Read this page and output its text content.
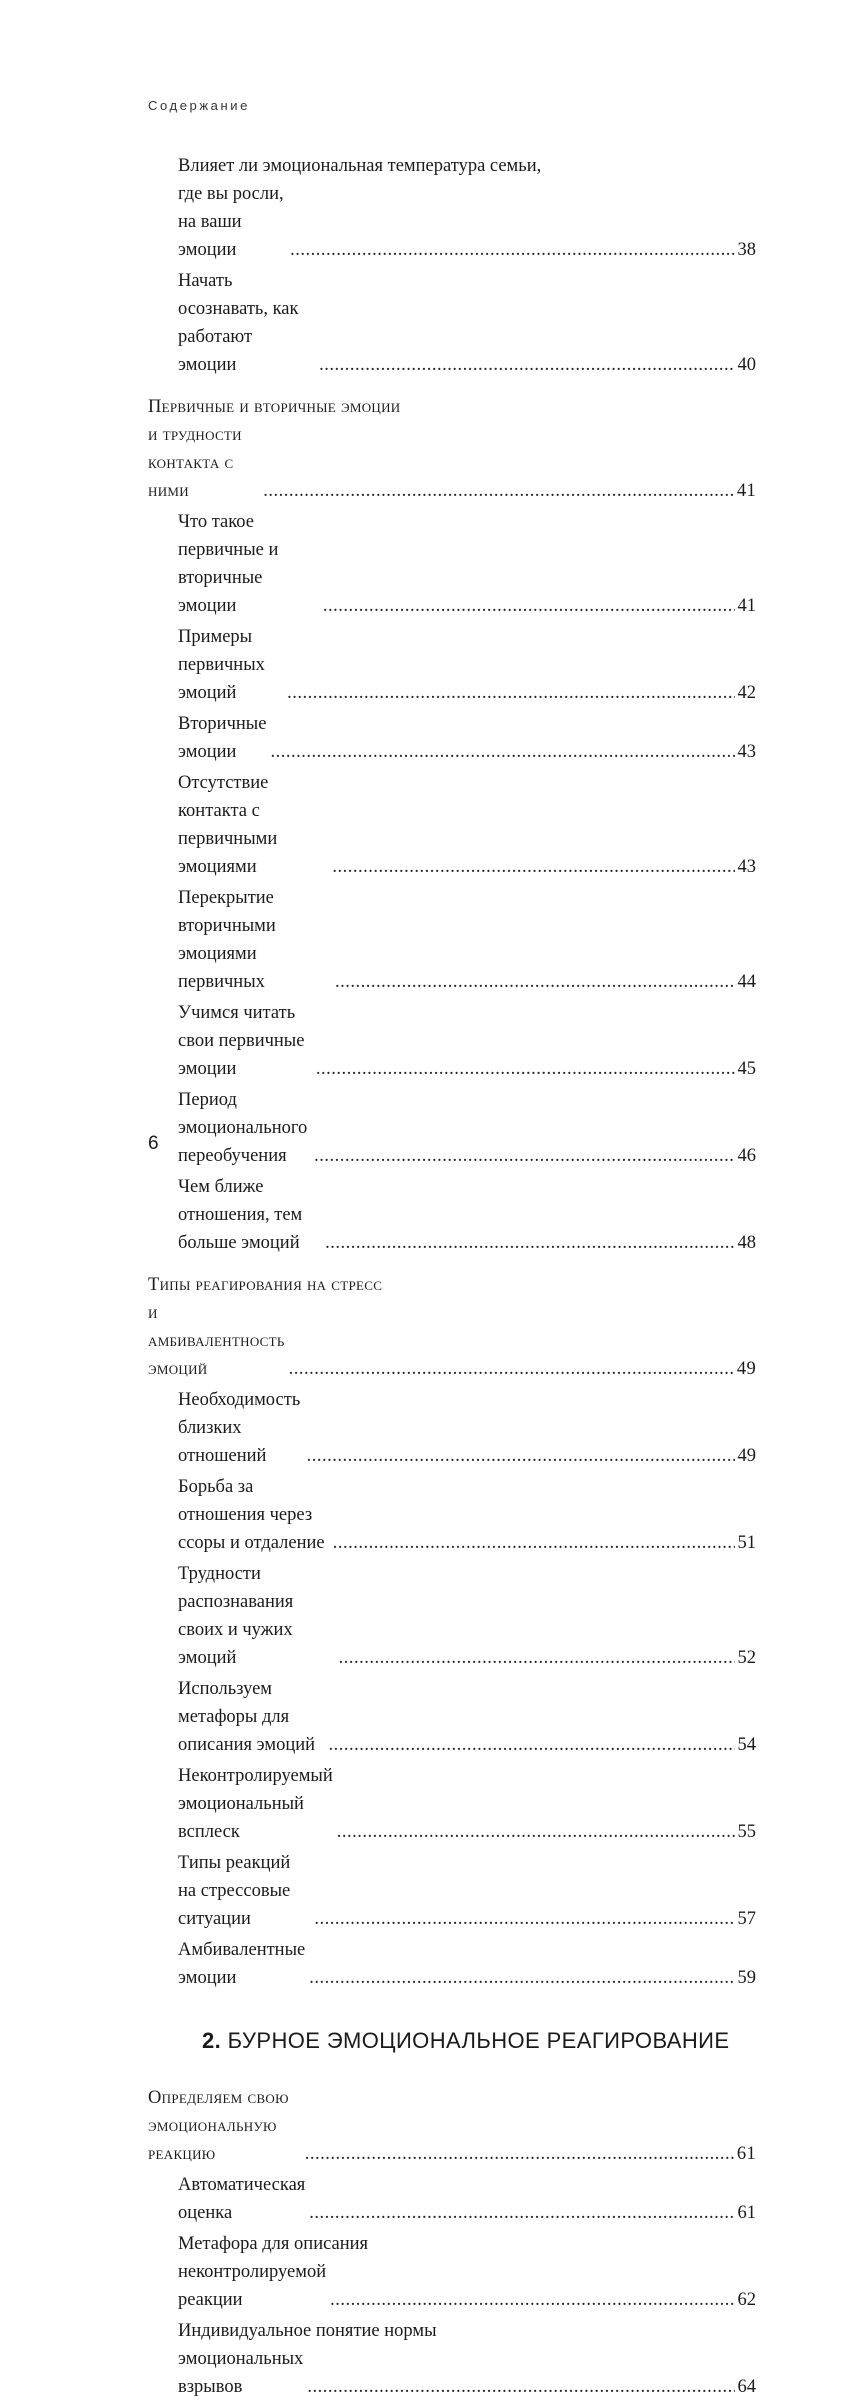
Содержание
Влияет ли эмоциональная температура семьи,
где вы росли, на ваши эмоции .....	38
Начать осознавать, как работают эмоции .....	40
Первичные и вторичные эмоции
и трудности контакта с ними .....	41
Что такое первичные и вторичные эмоции .....	41
Примеры первичных эмоций .....	42
Вторичные эмоции .....	43
Отсутствие контакта с первичными эмоциями .....	43
Перекрытие вторичными эмоциями первичных .....	44
Учимся читать свои первичные эмоции .....	45
Период эмоционального переобучения .....	46
Чем ближе отношения, тем больше эмоций .....	48
Типы реагирования на стресс
и амбивалентность эмоций .....	49
Необходимость близких отношений .....	49
Борьба за отношения через ссоры и отдаление .....	51
Трудности распознавания своих и чужих эмоций .....	52
Используем метафоры для описания эмоций .....	54
Неконтролируемый эмоциональный всплеск .....	55
Типы реакций на стрессовые ситуации .....	57
Амбивалентные эмоции .....	59
2. БУРНОЕ ЭМОЦИОНАЛЬНОЕ РЕАГИРОВАНИЕ
Определяем свою эмоциональную реакцию .....	61
Автоматическая оценка .....	61
Метафора для описания
неконтролируемой реакции .....	62
Индивидуальное понятие нормы
эмоциональных взрывов .....	64
6
